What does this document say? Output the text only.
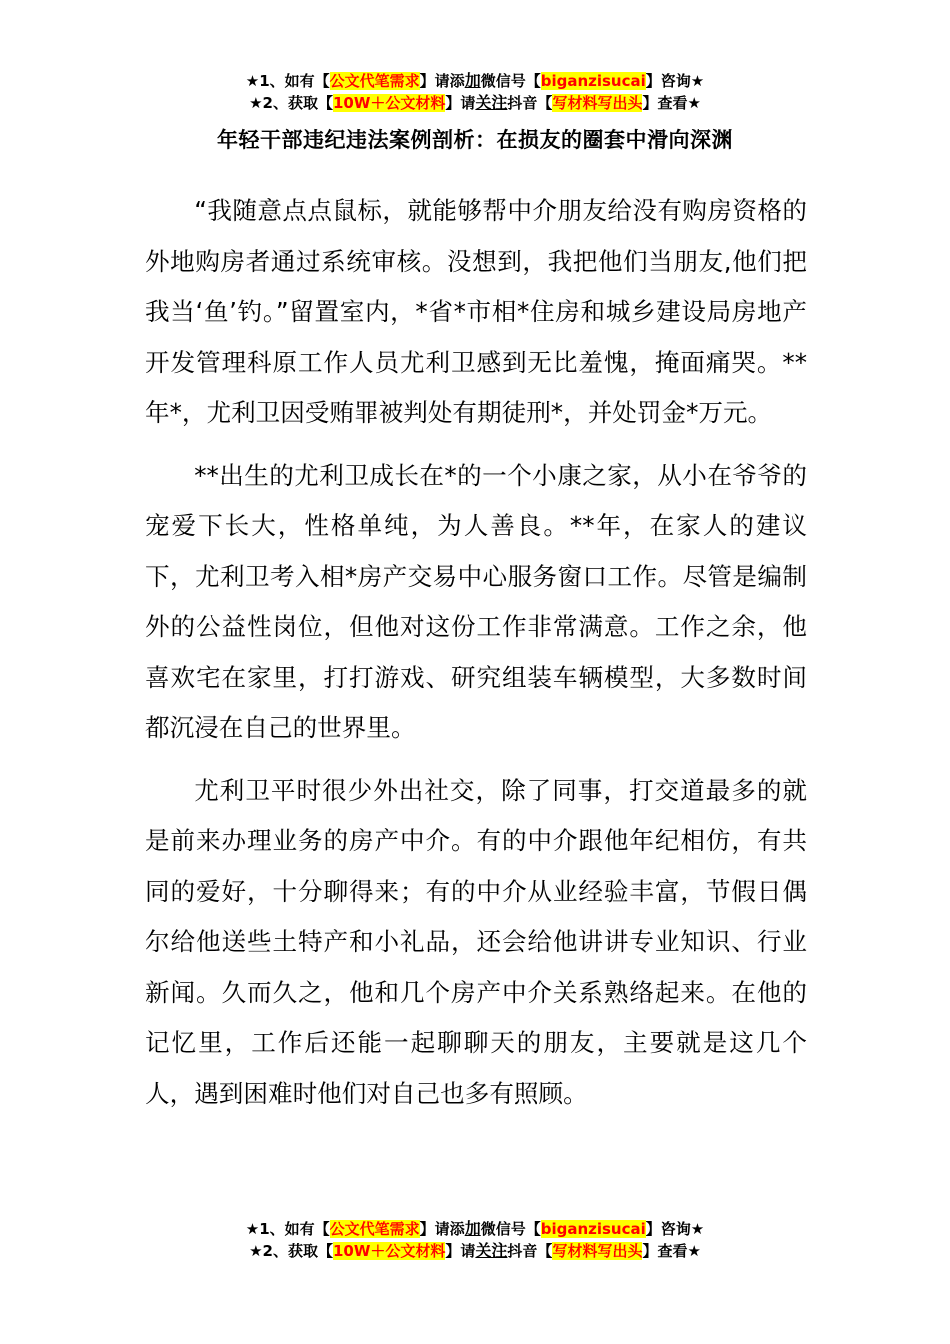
★1、如有【公文代笔需求】请添加微信号【biganzisucai】咨询★
★2、获取【10W＋公文材料】请关注抖音【写材料写出头】查看★
年轻干部违纪违法案例剖析：在损友的圈套中滑向深渊

“我随意点点鼠标，就能够帮中介朋友给没有购房资格的外地购房者通过系统审核。没想到，我把他们当朋友,他们把我当‘鱼’钓。”留置室内，*省*市相*住房和城乡建设局房地产开发管理科原工作人员尤利卫感到无比羞愧，掩面痛哭。**年*，尤利卫因受贿罪被判处有期徒刑*，并处罚金*万元。

**出生的尤利卫成长在*的一个小康之家，从小在爷爷的宠爱下长大，性格单纯，为人善良。**年，在家人的建议下，尤利卫考入相*房产交易中心服务窗口工作。尽管是编制外的公益性岗位，但他对这份工作非常满意。工作之余，他喜欢宅在家里，打打游戏、研究组装车辆模型，大多数时间都沉浸在自己的世界里。

尤利卫平时很少外出社交，除了同事，打交道最多的就是前来办理业务的房产中介。有的中介跟他年纪相仿，有共同的爱好，十分聊得来；有的中介从业经验丰富，节假日偶尔给他送些土特产和小礼品，还会给他讲讲专业知识、行业新闻。久而久之，他和几个房产中介关系熟络起来。在他的记忆里，工作后还能一起聊聊天的朋友，主要就是这几个人，遇到困难时他们对自己也多有照顾。

★1、如有【公文代笔需求】请添加微信号【biganzisucai】咨询★
★2、获取【10W＋公文材料】请关注抖音【写材料写出头】查看★
